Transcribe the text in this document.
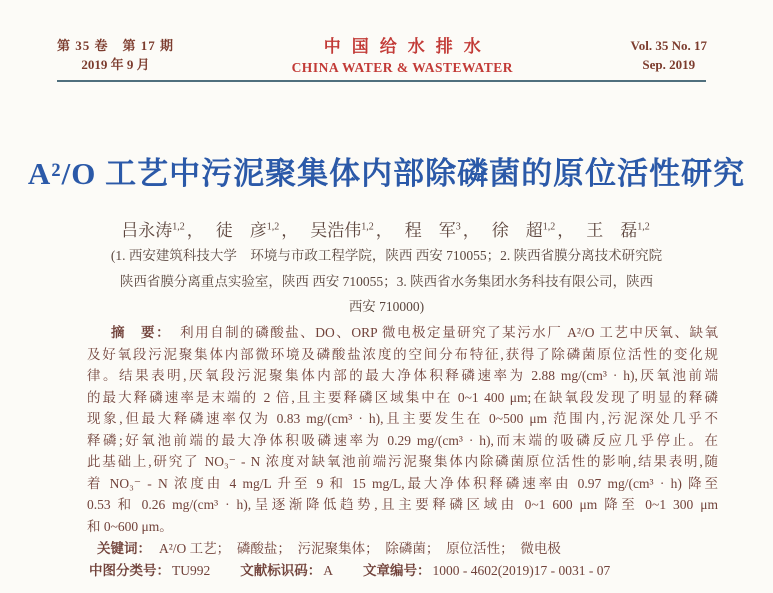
第 35 卷　第 17 期
2019 年 9 月
中国给水排水
CHINA WATER & WASTEWATER
Vol. 35 No. 17
Sep. 2019
A²/O 工艺中污泥聚集体内部除磷菌的原位活性研究
吕永涛$^{1,2}$ ， 徒　彦$^{1,2}$ ， 吴浩伟$^{1,2}$ ， 程　军$^3$ ， 徐　超$^{1,2}$ ， 王　磊$^{1,2}$
(1. 西安建筑科技大学　环境与市政工程学院，陕西 西安 710055；2. 陕西省膜分离技术研究院
陕西省膜分离重点实验室，陕西 西安 710055；3. 陕西省水务集团水务科技有限公司，陕西
西安 710000)
摘　要： 利用自制的磷酸盐、DO、ORP 微电极定量研究了某污水厂 A²/O 工艺中厌氧、缺氧
及好氧段污泥聚集体内部微环境及磷酸盐浓度的空间分布特征,获得了除磷菌原位活性的变化规
律。结果表明,厌氧段污泥聚集体内部的最大净体积释磷速率为 2.88 mg/(cm³ · h),厌氧池前端
的最大释磷速率是末端的 2 倍,且主要释磷区域集中在 0~1 400 μm;在缺氧段发现了明显的释磷
现象,但最大释磷速率仅为 0.83 mg/(cm³ · h),且主要发生在 0~500 μm 范围内,污泥深处几乎不
释磷;好氧池前端的最大净体积吸磷速率为 0.29 mg/(cm³ · h),而末端的吸磷反应几乎停止。在
此基础上,研究了 NO₃⁻ - N 浓度对缺氧池前端污泥聚集体内除磷菌原位活性的影响,结果表明,随
着 NO₃⁻ - N 浓度由 4 mg/L 升至 9 和 15 mg/L,最大净体积释磷速率由 0.97 mg/(cm³ · h) 降至
0.53 和 0.26 mg/(cm³ · h),呈逐渐降低趋势,且主要释磷区域由 0~1 600 μm 降至 0~1 300 μm
和 0~600 μm。
关键词： A²/O 工艺；　磷酸盐；　污泥聚集体；　除磷菌；　原位活性；　微电极
中图分类号： TU992 文献标识码： A 文章编号： 1000 - 4602(2019)17 - 0031 - 07
